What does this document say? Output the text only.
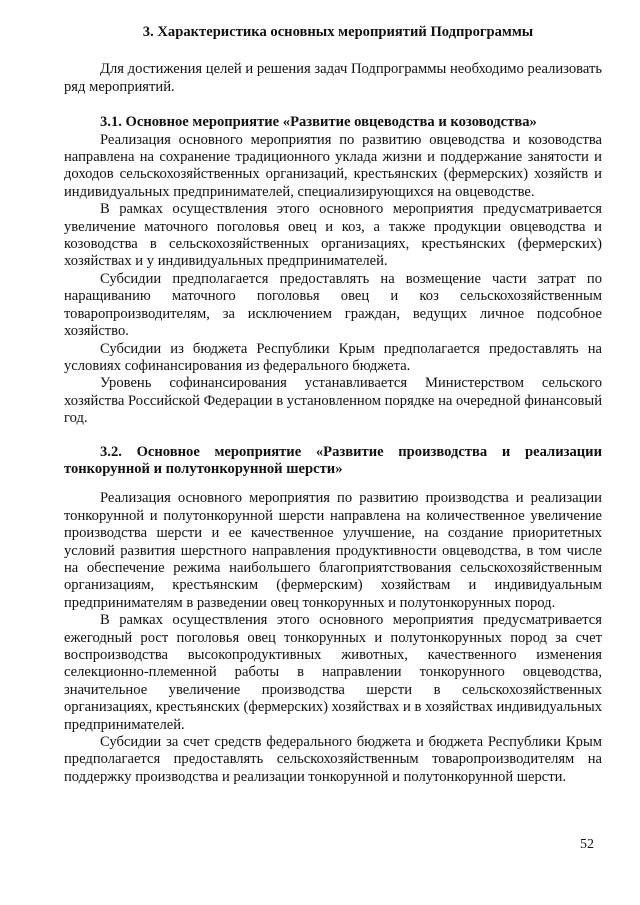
3. Характеристика основных мероприятий Подпрограммы

Для достижения целей и решения задач Подпрограммы необходимо реализовать ряд мероприятий.

3.1. Основное мероприятие «Развитие овцеводства и козоводства»

Реализация основного мероприятия по развитию овцеводства и козоводства направлена на сохранение традиционного уклада жизни и поддержание занятости и доходов сельскохозяйственных организаций, крестьянских (фермерских) хозяйств и индивидуальных предпринимателей, специализирующихся на овцеводстве.

В рамках осуществления этого основного мероприятия предусматривается увеличение маточного поголовья овец и коз, а также продукции овцеводства и козоводства в сельскохозяйственных организациях, крестьянских (фермерских) хозяйствах и у индивидуальных предпринимателей.

Субсидии предполагается предоставлять на возмещение части затрат по наращиванию маточного поголовья овец и коз сельскохозяйственным товаропроизводителям, за исключением граждан, ведущих личное подсобное хозяйство.

Субсидии из бюджета Республики Крым предполагается предоставлять на условиях софинансирования из федерального бюджета.

Уровень софинансирования устанавливается Министерством сельского хозяйства Российской Федерации в установленном порядке на очередной финансовый год.

3.2. Основное мероприятие «Развитие производства и реализации тонкорунной и полутонкорунной шерсти»

Реализация основного мероприятия по развитию производства и реализации тонкорунной и полутонкорунной шерсти направлена на количественное увеличение производства шерсти и ее качественное улучшение, на создание приоритетных условий развития шерстного направления продуктивности овцеводства, в том числе на обеспечение режима наибольшего благоприятствования сельскохозяйственным организациям, крестьянским (фермерским) хозяйствам и индивидуальным предпринимателям в разведении овец тонкорунных и полутонкорунных пород.

В рамках осуществления этого основного мероприятия предусматривается ежегодный рост поголовья овец тонкорунных и полутонкорунных пород за счет воспроизводства высокопродуктивных животных, качественного изменения селекционно-племенной работы в направлении тонкорунного овцеводства, значительное увеличение производства шерсти в сельскохозяйственных организациях, крестьянских (фермерских) хозяйствах и в хозяйствах индивидуальных предпринимателей.

Субсидии за счет средств федерального бюджета и бюджета Республики Крым предполагается предоставлять сельскохозяйственным товаропроизводителям на поддержку производства и реализации тонкорунной и полутонкорунной шерсти.

52
